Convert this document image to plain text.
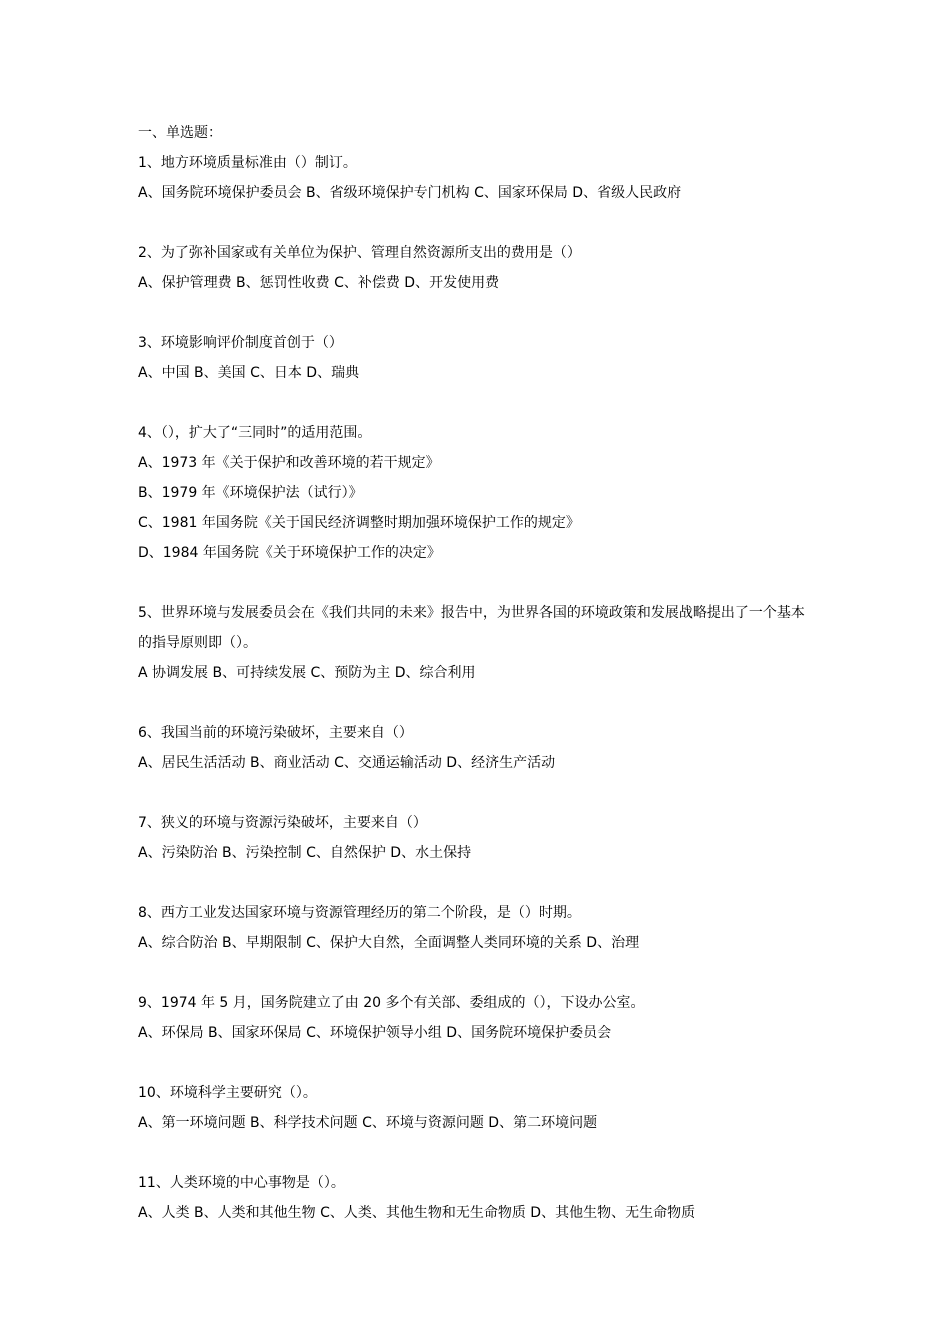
一、单选题：
1、地方环境质量标准由（）制订。
A、国务院环境保护委员会 B、省级环境保护专门机构 C、国家环保局 D、省级人民政府
2、为了弥补国家或有关单位为保护、管理自然资源所支出的费用是（）
A、保护管理费 B、惩罚性收费 C、补偿费 D、开发使用费
3、环境影响评价制度首创于（）
A、中国 B、美国 C、日本 D、瑞典
4、（），扩大了“三同时”的适用范围。
A、1973 年《关于保护和改善环境的若干规定》
B、1979 年《环境保护法（试行）》
C、1981 年国务院《关于国民经济调整时期加强环境保护工作的规定》
D、1984 年国务院《关于环境保护工作的决定》
5、世界环境与发展委员会在《我们共同的未来》报告中，为世界各国的环境政策和发展战略提出了一个基本的指导原则即（）。
A 协调发展 B、可持续发展 C、预防为主 D、综合利用
6、我国当前的环境污染破坏，主要来自（）
A、居民生活活动 B、商业活动 C、交通运输活动 D、经济生产活动
7、狭义的环境与资源污染破坏，主要来自（）
A、污染防治 B、污染控制 C、自然保护 D、水土保持
8、西方工业发达国家环境与资源管理经历的第二个阶段，是（）时期。
A、综合防治 B、早期限制 C、保护大自然，全面调整人类同环境的关系 D、治理
9、1974 年 5 月，国务院建立了由 20 多个有关部、委组成的（），下设办公室。
A、环保局 B、国家环保局 C、环境保护领导小组 D、国务院环境保护委员会
10、环境科学主要研究（）。
A、第一环境问题 B、科学技术问题 C、环境与资源问题 D、第二环境问题
11、人类环境的中心事物是（）。
A、人类 B、人类和其他生物 C、人类、其他生物和无生命物质 D、其他生物、无生命物质
